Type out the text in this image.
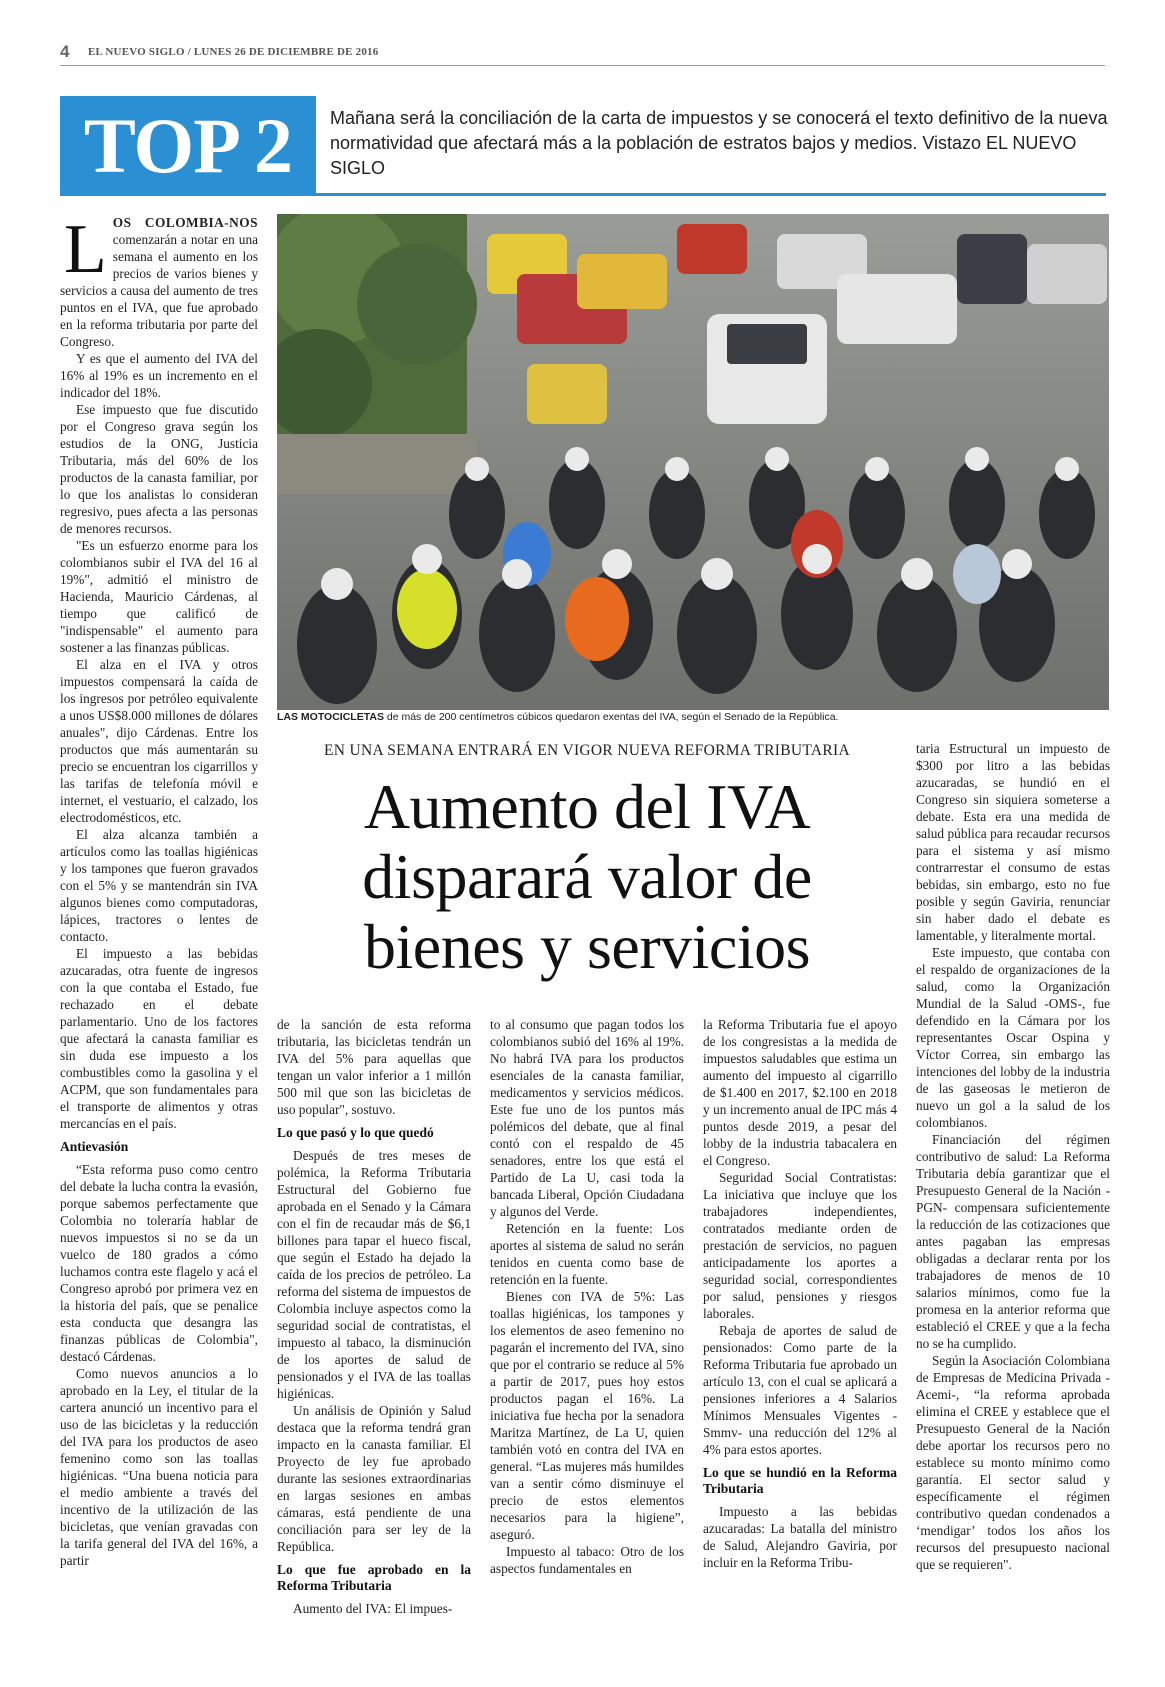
4 EL NUEVO SIGLO / LUNES 26 DE DICIEMBRE DE 2016
TOP 2	Mañana será la conciliación de la carta de impuestos y se conocerá el texto definitivo de la nueva normatividad que afectará más a la población de estratos bajos y medios. Vistazo EL NUEVO SIGLO

LOS COLOMBIA-NOS comenzarán a notar en una semana el aumento en los precios de varios bienes y servicios a causa del aumento de tres puntos en el IVA, que fue aprobado en la reforma tributaria por parte del Congreso.

Y es que el aumento del IVA del 16% al 19% es un incremento en el indicador del 18%.

Ese impuesto que fue discutido por el Congreso grava según los estudios de la ONG, Justicia Tributaria, más del 60% de los productos de la canasta familiar, por lo que los analistas lo consideran regresivo, pues afecta a las personas de menores recursos.

"Es un esfuerzo enorme para los colombianos subir el IVA del 16 al 19%", admitió el ministro de Hacienda, Mauricio Cárdenas, al tiempo que calificó de "indispensable" el aumento para sostener a las finanzas públicas.

El alza en el IVA y otros impuestos compensará la caída de los ingresos por petróleo equivalente a unos US$8.000 millones de dólares anuales", dijo Cárdenas. Entre los productos que más aumentarán su precio se encuentran los cigarrillos y las tarifas de telefonía móvil e internet, el vestuario, el calzado, los electrodomésticos, etc.

El alza alcanza también a artículos como las toallas higiénicas y los tampones que fueron gravados con el 5% y se mantendrán sin IVA algunos bienes como computadoras, lápices, tractores o lentes de contacto.

El impuesto a las bebidas azucaradas, otra fuente de ingresos con la que contaba el Estado, fue rechazado en el debate parlamentario. Uno de los factores que afectará la canasta familiar es sin duda ese impuesto a los combustibles como la gasolina y el ACPM, que son fundamentales para el transporte de alimentos y otras mercancías en el país.

Antievasión

“Esta reforma puso como centro del debate la lucha contra la evasión, porque sabemos perfectamente que Colombia no toleraría hablar de nuevos impuestos si no se da un vuelco de 180 grados a cómo luchamos contra este flagelo y acá el Congreso aprobó por primera vez en la historia del país, que se penalice esta conducta que desangra las finanzas públicas de Colombia", destacó Cárdenas.

Como nuevos anuncios a lo aprobado en la Ley, el titular de la cartera anunció un incentivo para el uso de las bicicletas y la reducción del IVA para los productos de aseo femenino como son las toallas higiénicas. “Una buena noticia para el medio ambiente a través del incentivo de la utilización de las bicicletas, que venían gravadas con la tarifa general del IVA del 16%, a partir

LAS MOTOCICLETAS de más de 200 centímetros cúbicos quedaron exentas del IVA, según el Senado de la República.
EN UNA SEMANA ENTRARÁ EN VIGOR NUEVA REFORMA TRIBUTARIA
Aumento del IVA disparará valor de bienes y servicios

de la sanción de esta reforma tributaria, las bicicletas tendrán un IVA del 5% para aquellas que tengan un valor inferior a 1 millón 500 mil que son las bicicletas de uso popular", sostuvo.

Lo que pasó y lo que quedó

Después de tres meses de polémica, la Reforma Tributaria Estructural del Gobierno fue aprobada en el Senado y la Cámara con el fin de recaudar más de $6,1 billones para tapar el hueco fiscal, que según el Estado ha dejado la caída de los precios de petróleo. La reforma del sistema de impuestos de Colombia incluye aspectos como la seguridad social de contratistas, el impuesto al tabaco, la disminución de los aportes de salud de pensionados y el IVA de las toallas higiénicas.

Un análisis de Opinión y Salud destaca que la reforma tendrá gran impacto en la canasta familiar. El Proyecto de ley fue aprobado durante las sesiones extraordinarias en largas sesiones en ambas cámaras, está pendiente de una conciliación para ser ley de la República.

Lo que fue aprobado en la Reforma Tributaria

Aumento del IVA: El impues-

to al consumo que pagan todos los colombianos subió del 16% al 19%. No habrá IVA para los productos esenciales de la canasta familiar, medicamentos y servicios médicos. Este fue uno de los puntos más polémicos del debate, que al final contó con el respaldo de 45 senadores, entre los que está el Partido de La U, casi toda la bancada Liberal, Opción Ciudadana y algunos del Verde.

Retención en la fuente: Los aportes al sistema de salud no serán tenidos en cuenta como base de retención en la fuente.

Bienes con IVA de 5%: Las toallas higiénicas, los tampones y los elementos de aseo femenino no pagarán el incremento del IVA, sino que por el contrario se reduce al 5% a partir de 2017, pues hoy estos productos pagan el 16%. La iniciativa fue hecha por la senadora Maritza Martínez, de La U, quien también votó en contra del IVA en general. “Las mujeres más humildes van a sentir cómo disminuye el precio de estos elementos necesarios para la higiene”, aseguró.

Impuesto al tabaco: Otro de los aspectos fundamentales en

la Reforma Tributaria fue el apoyo de los congresistas a la medida de impuestos saludables que estima un aumento del impuesto al cigarrillo de $1.400 en 2017, $2.100 en 2018 y un incremento anual de IPC más 4 puntos desde 2019, a pesar del lobby de la industria tabacalera en el Congreso.

Seguridad Social Contratistas: La iniciativa que incluye que los trabajadores independientes, contratados mediante orden de prestación de servicios, no paguen anticipadamente los aportes a seguridad social, correspondientes por salud, pensiones y riesgos laborales.

Rebaja de aportes de salud de pensionados: Como parte de la Reforma Tributaria fue aprobado un artículo 13, con el cual se aplicará a pensiones inferiores a 4 Salarios Mínimos Mensuales Vigentes -Smmv- una reducción del 12% al 4% para estos aportes.

Lo que se hundió en la Reforma Tributaria

Impuesto a las bebidas azucaradas: La batalla del ministro de Salud, Alejandro Gaviria, por incluir en la Reforma Tribu-

taria Estructural un impuesto de $300 por litro a las bebidas azucaradas, se hundió en el Congreso sin siquiera someterse a debate. Esta era una medida de salud pública para recaudar recursos para el sistema y así mismo contrarrestar el consumo de estas bebidas, sin embargo, esto no fue posible y según Gaviria, renunciar sin haber dado el debate es lamentable, y literalmente mortal.

Este impuesto, que contaba con el respaldo de organizaciones de la salud, como la Organización Mundial de la Salud -OMS-, fue defendido en la Cámara por los representantes Oscar Ospina y Víctor Correa, sin embargo las intenciones del lobby de la industria de las gaseosas le metieron de nuevo un gol a la salud de los colombianos.

Financiación del régimen contributivo de salud: La Reforma Tributaria debía garantizar que el Presupuesto General de la Nación -PGN- compensara suficientemente la reducción de las cotizaciones que antes pagaban las empresas obligadas a declarar renta por los trabajadores de menos de 10 salarios mínimos, como fue la promesa en la anterior reforma que estableció el CREE y que a la fecha no se ha cumplido.

Según la Asociación Colombiana de Empresas de Medicina Privada -Acemi-, “la reforma aprobada elimina el CREE y establece que el Presupuesto General de la Nación debe aportar los recursos pero no establece su monto mínimo como garantía. El sector salud y específicamente el régimen contributivo quedan condenados a ‘mendigar’ todos los años los recursos del presupuesto nacional que se requieren".
